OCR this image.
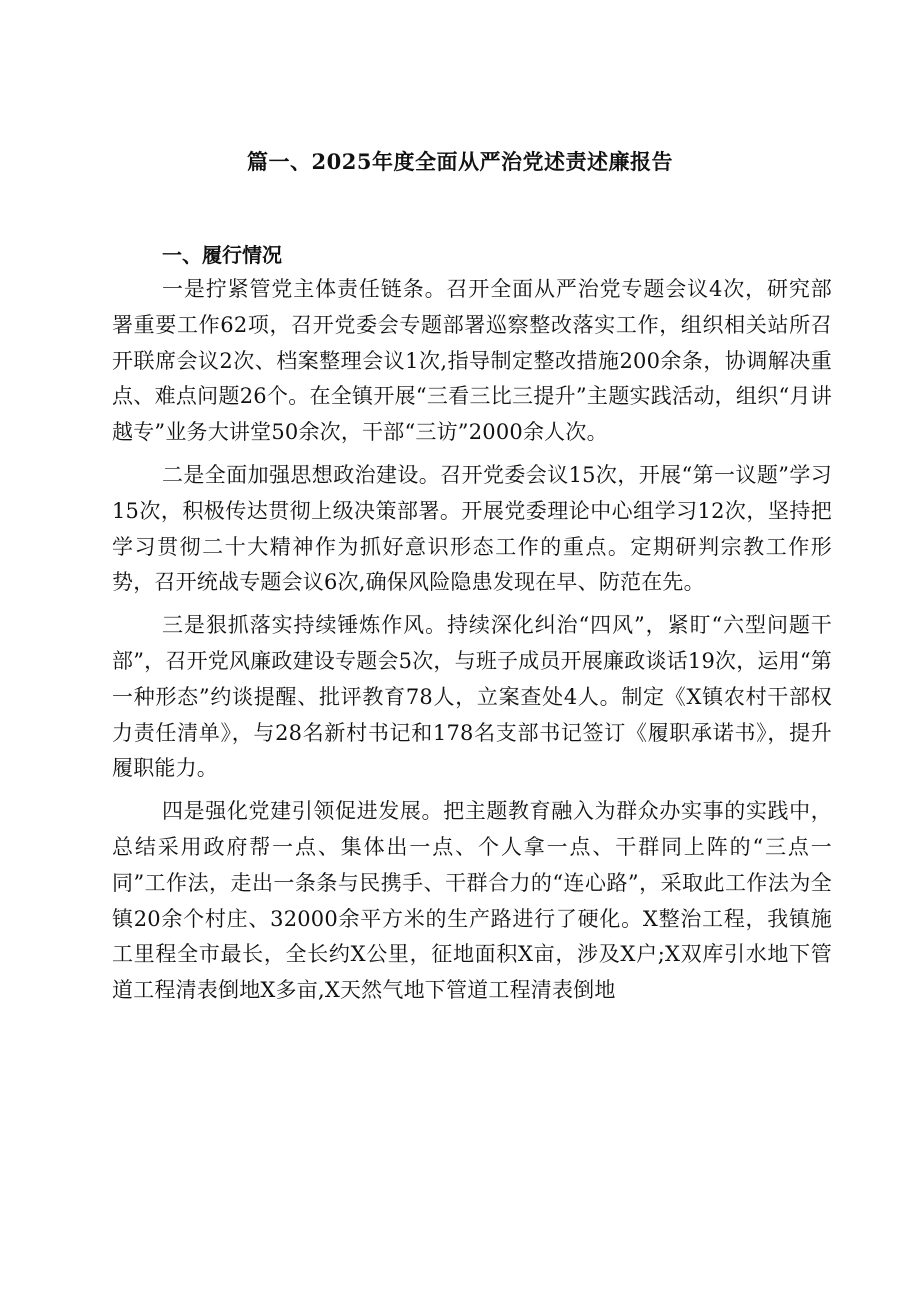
篇一、2025年度全面从严治党述责述廉报告

一、履行情况

一是拧紧管党主体责任链条。召开全面从严治党专题会议4次，研究部署重要工作62项，召开党委会专题部署巡察整改落实工作，组织相关站所召开联席会议2次、档案整理会议1次,指导制定整改措施200余条，协调解决重点、难点问题26个。在全镇开展“三看三比三提升”主题实践活动，组织“月讲越专”业务大讲堂50余次，干部“三访”2000余人次。

二是全面加强思想政治建设。召开党委会议15次，开展“第一议题”学习15次，积极传达贯彻上级决策部署。开展党委理论中心组学习12次，坚持把学习贯彻二十大精神作为抓好意识形态工作的重点。定期研判宗教工作形势，召开统战专题会议6次,确保风险隐患发现在早、防范在先。

三是狠抓落实持续锤炼作风。持续深化纠治“四风”，紧盯“六型问题干部”，召开党风廉政建设专题会5次，与班子成员开展廉政谈话19次，运用“第一种形态”约谈提醒、批评教育78人，立案查处4人。制定《X镇农村干部权力责任清单》，与28名新村书记和178名支部书记签订《履职承诺书》，提升履职能力。

四是强化党建引领促进发展。把主题教育融入为群众办实事的实践中，总结采用政府帮一点、集体出一点、个人拿一点、干群同上阵的“三点一同”工作法，走出一条条与民携手、干群合力的“连心路”，采取此工作法为全镇20余个村庄、32000余平方米的生产路进行了硬化。X整治工程，我镇施工里程全市最长，全长约X公里，征地面积X亩，涉及X户;X双库引水地下管道工程清表倒地X多亩,X天然气地下管道工程清表倒地
